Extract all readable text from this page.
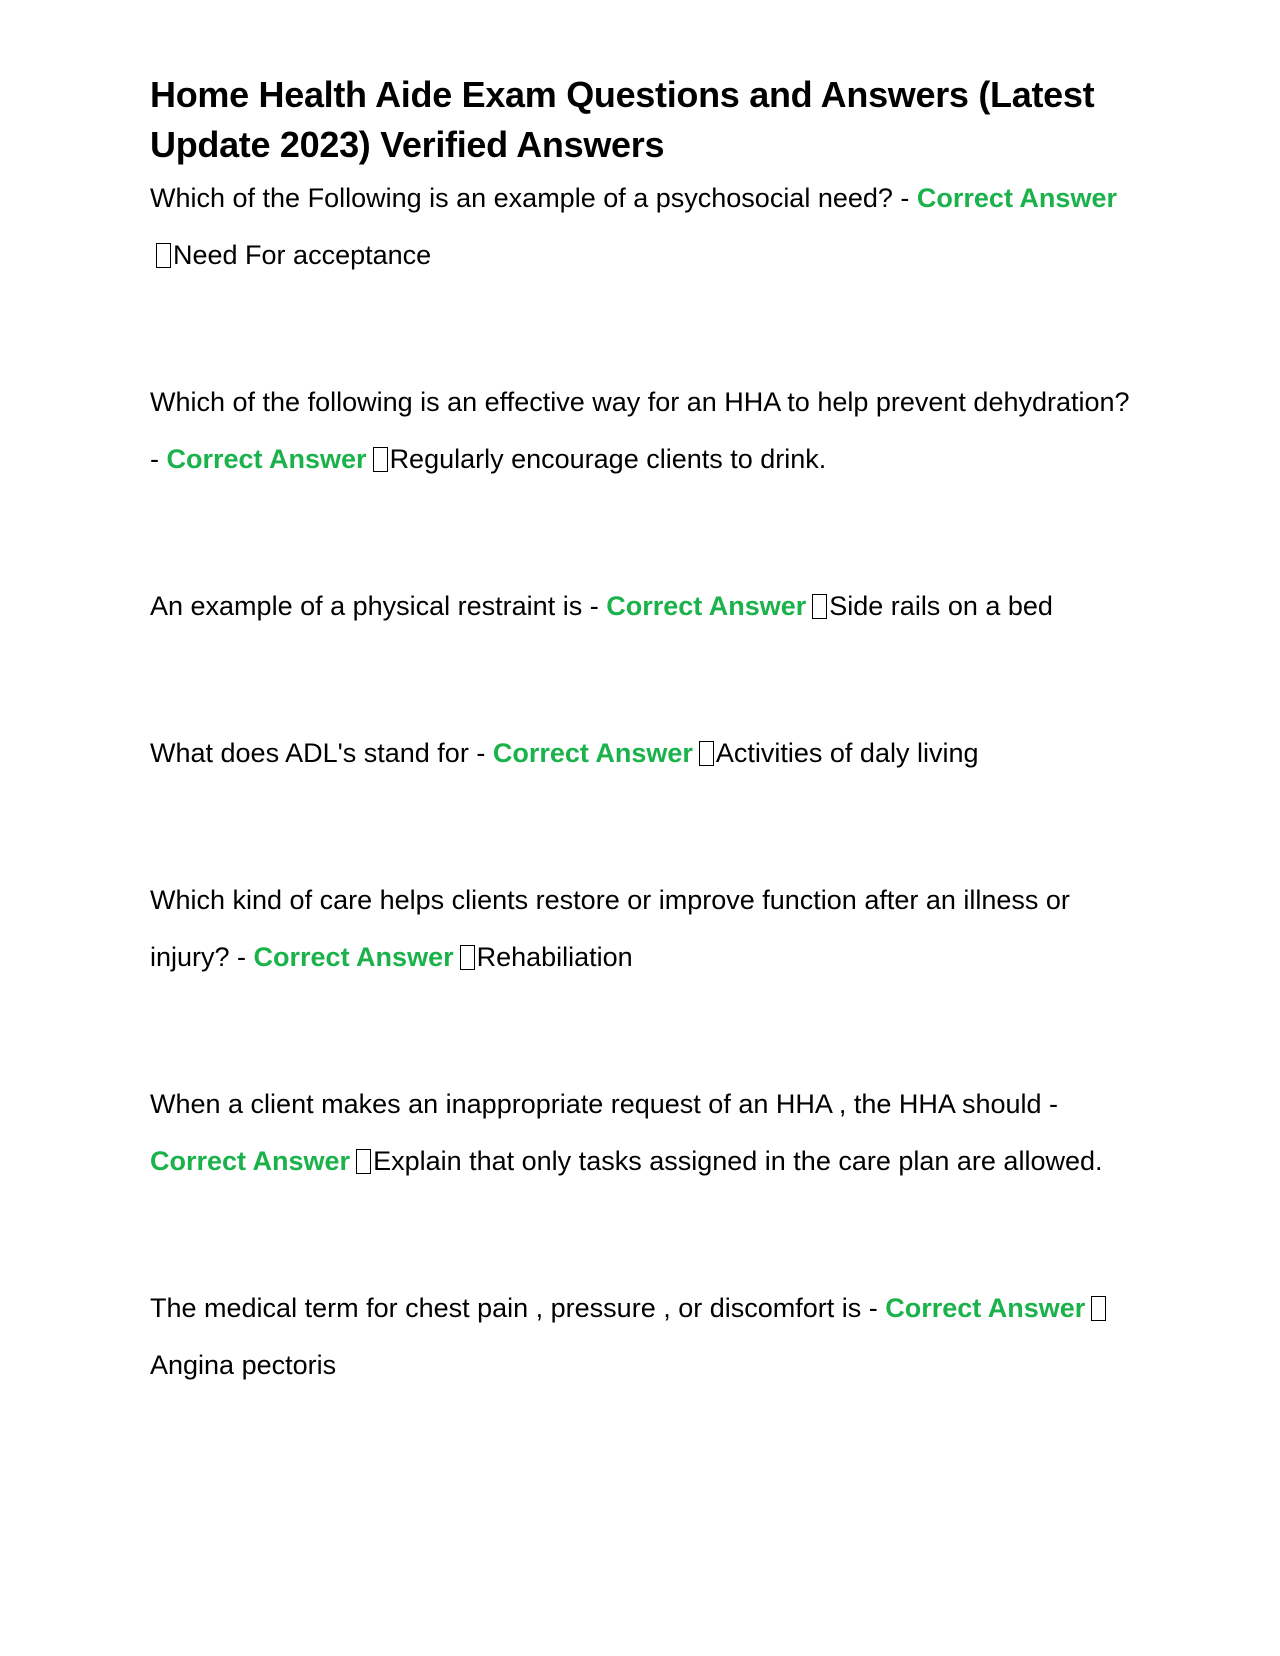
Home Health Aide Exam Questions and Answers (Latest Update 2023) Verified Answers

Which of the Following is an example of a psychosocial need? - Correct AnswerNeed For acceptance

Which of the following is an effective way for an HHA to help prevent dehydration? - Correct Answer Regularly encourage clients to drink.

An example of a physical restraint is - Correct Answer Side rails on a bed

What does ADL's stand for - Correct Answer Activities of daly living

Which kind of care helps clients restore or improve function after an illness or injury? - Correct Answer Rehabiliation

When a client makes an inappropriate request of an HHA , the HHA should - Correct Answer Explain that only tasks assigned in the care plan are allowed.

The medical term for chest pain , pressure , or discomfort is - Correct AnswerAngina pectoris
